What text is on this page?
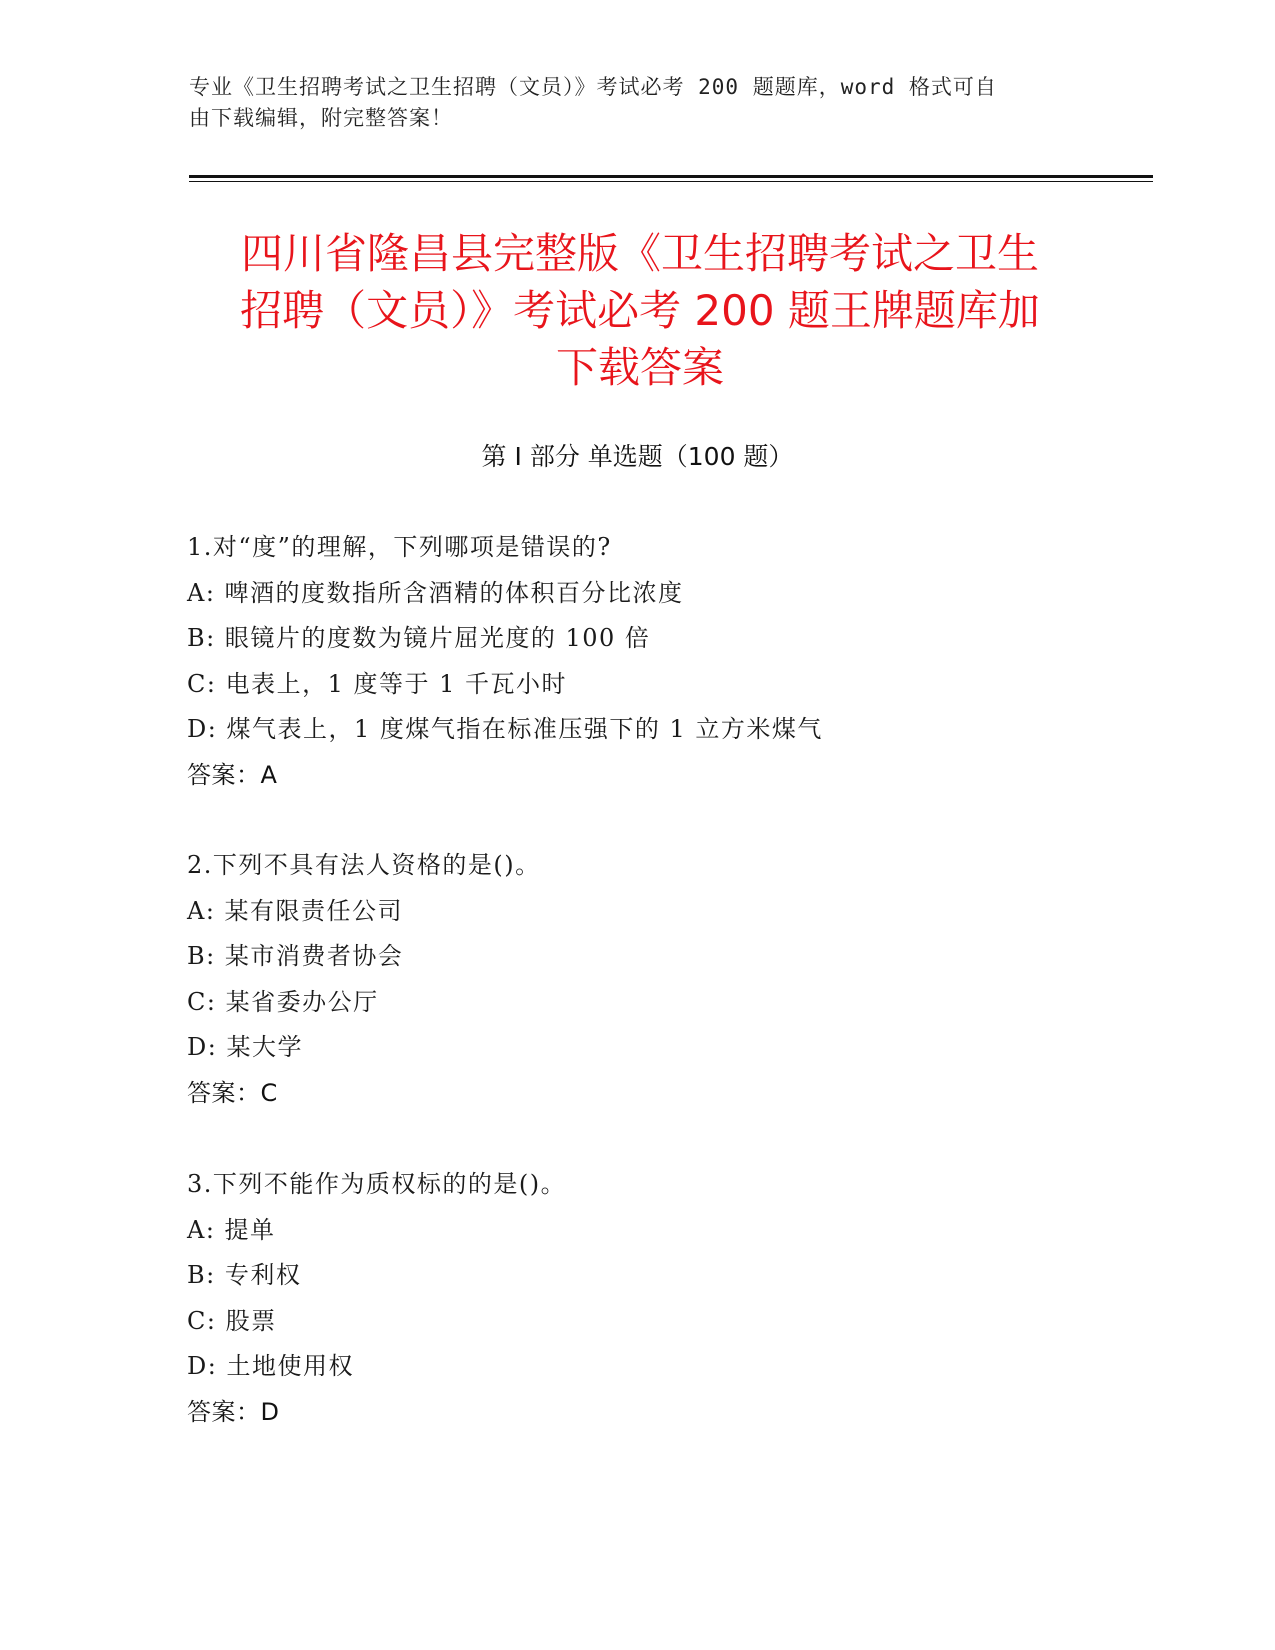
专业《卫生招聘考试之卫生招聘（文员）》考试必考 200 题题库，word 格式可自
由下载编辑，附完整答案！
四川省隆昌县完整版《卫生招聘考试之卫生
招聘（文员）》考试必考 200 题王牌题库加
下载答案
第 I 部分 单选题（100 题）
1.对“度”的理解，下列哪项是错误的?
A: 啤酒的度数指所含酒精的体积百分比浓度
B: 眼镜片的度数为镜片屈光度的 100 倍
C: 电表上，1 度等于 1 千瓦小时
D: 煤气表上，1 度煤气指在标准压强下的 1 立方米煤气
答案：A
2.下列不具有法人资格的是()。
A: 某有限责任公司
B: 某市消费者协会
C: 某省委办公厅
D: 某大学
答案：C
3.下列不能作为质权标的的是()。
A: 提单
B: 专利权
C: 股票
D: 土地使用权
答案：D
